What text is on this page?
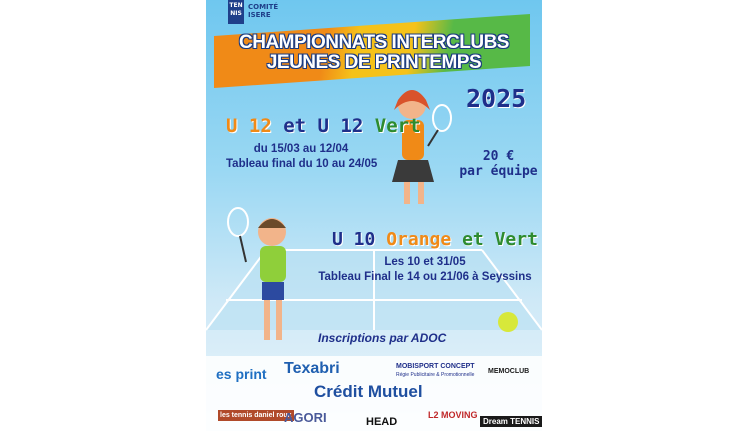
TEN NIS
COMITÉ
ISERE
CHAMPIONNATS INTERCLUBS
JEUNES DE PRINTEMPS
2025
U 12 et U 12 Vert
du 15/03 au 12/04
Tableau final du 10 au 24/05	20 €
par équipe
U 10 Orange et Vert
Les 10 et 31/05
Tableau Final le 14 ou 21/06 à Seyssins
Inscriptions par ADOC
es print Texabri	MOBISPORT CONCEPT
Régie Publicitaire & Promotionnelle MEMOCLUB
Crédit Mutuel
les tennis daniel roux
AGORI	HEAD
L2 MOVING
Dream TENNIS
